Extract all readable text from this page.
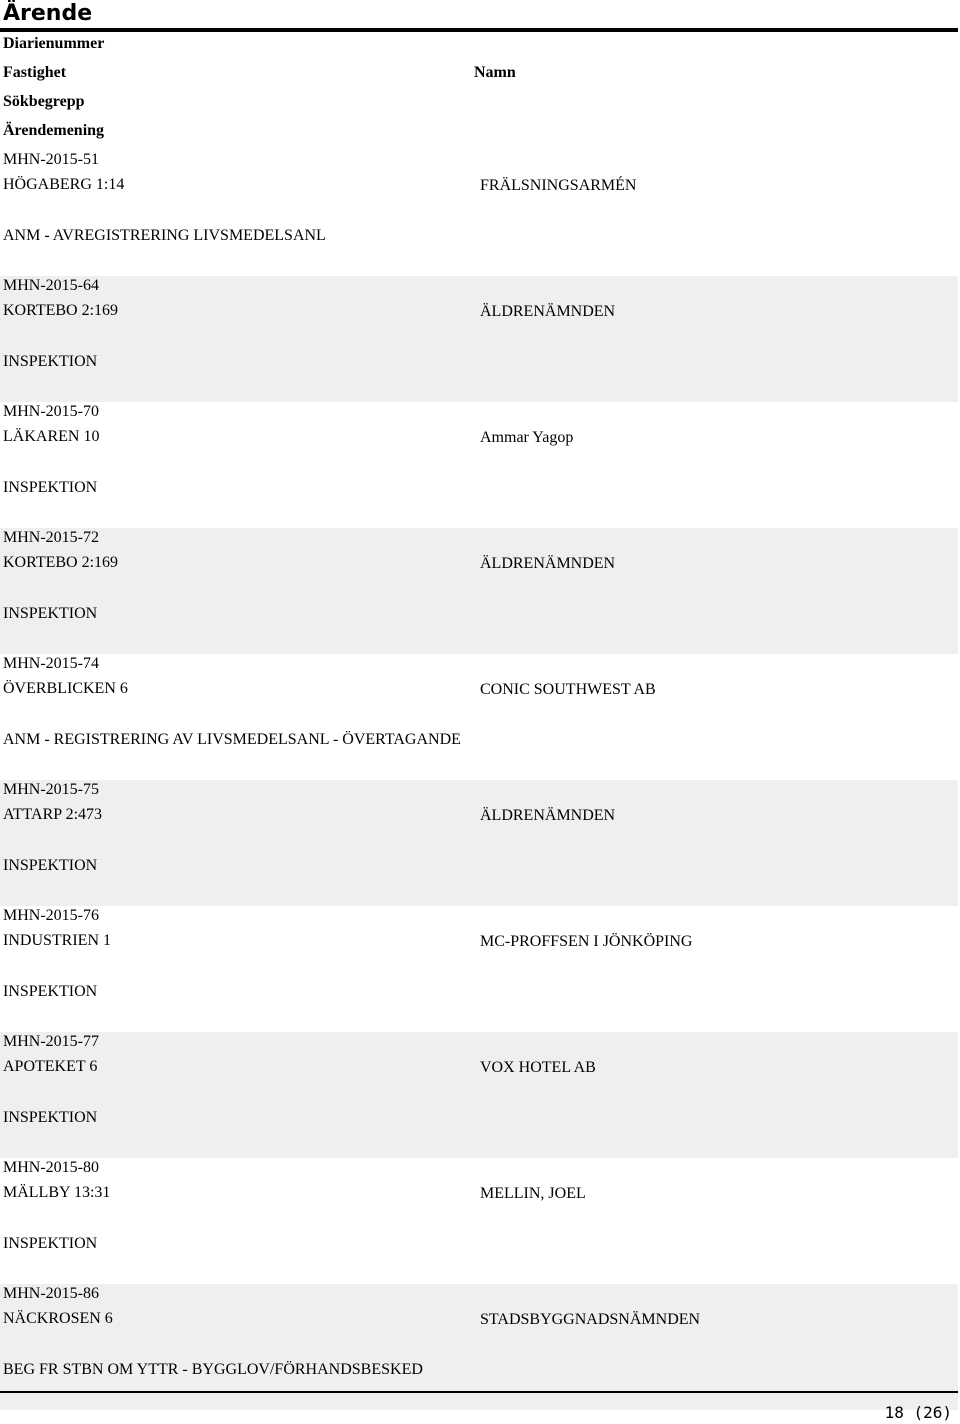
Ärende
Diarienummer
Fastighet	Namn
Sökbegrepp
Ärendemening
MHN-2015-51
HÖGABERG 1:14	FRÄLSNINGSARMÉN
ANM - AVREGISTRERING LIVSMEDELSANL
MHN-2015-64
KORTEBO 2:169	ÄLDRENÄMNDEN
INSPEKTION
MHN-2015-70
LÄKAREN 10	Ammar Yagop
INSPEKTION
MHN-2015-72
KORTEBO 2:169	ÄLDRENÄMNDEN
INSPEKTION
MHN-2015-74
ÖVERBLICKEN 6	CONIC SOUTHWEST AB
ANM - REGISTRERING AV LIVSMEDELSANL - ÖVERTAGANDE
MHN-2015-75
ATTARP 2:473	ÄLDRENÄMNDEN
INSPEKTION
MHN-2015-76
INDUSTRIEN 1	MC-PROFFSEN I JÖNKÖPING
INSPEKTION
MHN-2015-77
APOTEKET 6	VOX HOTEL AB
INSPEKTION
MHN-2015-80
MÄLLBY 13:31	MELLIN, JOEL
INSPEKTION
MHN-2015-86
NÄCKROSEN 6	STADSBYGGNADSNÄMNDEN
BEG FR STBN OM YTTR - BYGGLOV/FÖRHANDSBESKED
18 (26)
